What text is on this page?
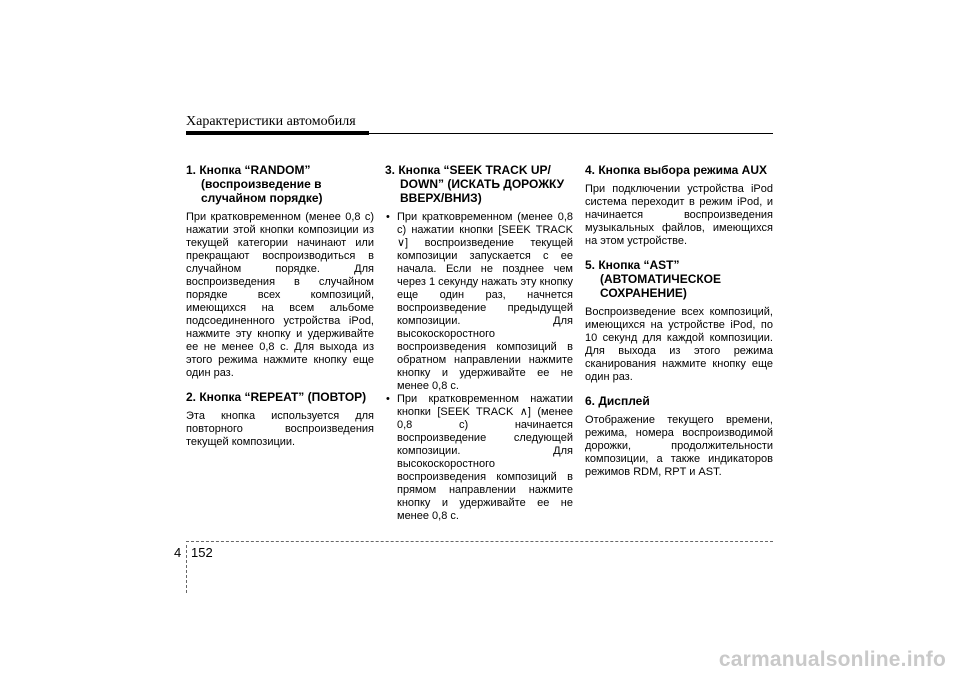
Характеристики автомобиля
1. Кнопка “RANDOM” (воспроизведение в случайном порядке)

При кратковременном (менее 0,8 с) нажатии этой кнопки композиции из текущей категории начинают или прекращают воспроизводиться в случайном порядке. Для воспроизведения в случайном порядке всех композиций, имеющихся на всем альбоме подсоединенного устройства iPod, нажмите эту кнопку и удерживайте ее не менее 0,8 с. Для выхода из этого режима нажмите кнопку еще один раз.

2. Кнопка “REPEAT” (ПОВТОР)

Эта кнопка используется для повторного воспроизведения текущей композиции.

3. Кнопка “SEEK TRACK UP/ DOWN” (ИСКАТЬ ДОРОЖКУ ВВЕРХ/ВНИЗ)
• При кратковременном (менее 0,8 с) нажатии кнопки [SEEK TRACK ∨] воспроизведение текущей композиции запускается с ее начала. Если не позднее чем через 1 секунду нажать эту кнопку еще один раз, начнется воспроизведение предыдущей композиции. Для высокоскоростного воспроизведения композиций в обратном направлении нажмите кнопку и удерживайте ее не менее 0,8 с.
• При кратковременном нажатии кнопки [SEEK TRACK ∧] (менее 0,8 с) начинается воспроизведение следующей композиции. Для высокоскоростного воспроизведения композиций в прямом направлении нажмите кнопку и удерживайте ее не менее 0,8 с.
4. Кнопка выбора режима AUX

При подключении устройства iPod система переходит в режим iPod, и начинается воспроизведения музыкальных файлов, имеющихся на этом устройстве.

5. Кнопка “AST” (АВТОМАТИЧЕСКОЕ СОХРАНЕНИЕ)

Воспроизведение всех композиций, имеющихся на устройстве iPod, по 10 секунд для каждой композиции. Для выхода из этого режима сканирования нажмите кнопку еще один раз.

6. Дисплей

Отображение текущего времени, режима, номера воспроизводимой дорожки, продолжительности композиции, а также индикаторов режимов RDM, RPT и AST.

4 152
carmanualsonline.info
